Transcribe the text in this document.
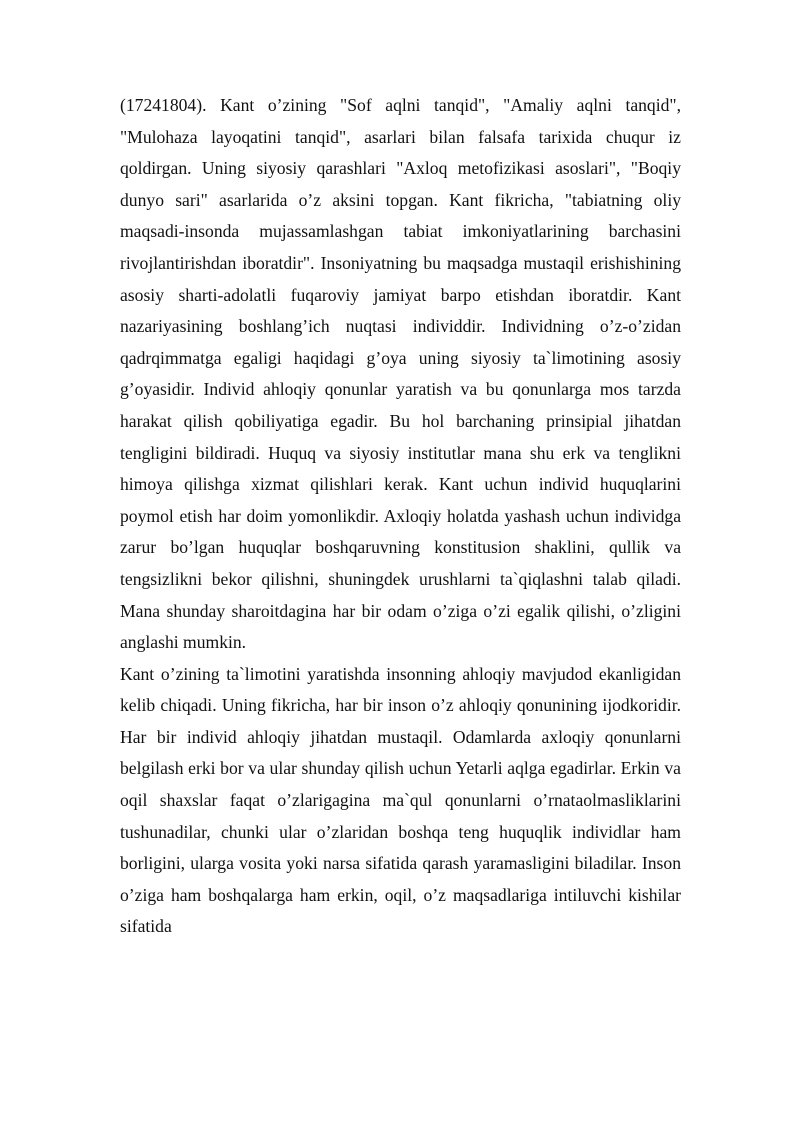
(17241804). Kant o’zining "Sof aqlni tanqid", "Amaliy aqlni tanqid", "Mulohaza layoqatini tanqid", asarlari bilan falsafa tarixida chuqur iz qoldirgan. Uning siyosiy qarashlari "Axloq metofizikasi asoslari", "Boqiy dunyo sari" asarlarida o’z aksini topgan. Kant fikricha, "tabiatning oliy maqsadi-insonda mujassamlashgan tabiat imkoniyatlarining barchasini rivojlantirishdan iboratdir". Insoniyatning bu maqsadga mustaqil erishishining asosiy sharti-adolatli fuqaroviy jamiyat barpo etishdan iboratdir. Kant nazariyasining boshlang’ich nuqtasi individdir. Individning o’z-o’zidan qadrqimmatga egaligi haqidagi g’oya uning siyosiy ta`limotining asosiy g’oyasidir. Individ ahloqiy qonunlar yaratish va bu qonunlarga mos tarzda harakat qilish qobiliyatiga egadir. Bu hol barchaning prinsipial jihatdan tengligini bildiradi. Huquq va siyosiy institutlar mana shu erk va tenglikni himoya qilishga xizmat qilishlari kerak. Kant uchun individ huquqlarini poymol etish har doim yomonlikdir. Axloqiy holatda yashash uchun individga zarur bo’lgan huquqlar boshqaruvning konstitusion shaklini, qullik va tengsizlikni bekor qilishni, shuningdek urushlarni ta`qiqlashni talab qiladi. Mana shunday sharoitdagina har bir odam o’ziga o’zi egalik qilishi, o’zligini anglashi mumkin.

Kant o’zining ta`limotini yaratishda insonning ahloqiy mavjudod ekanligidan kelib chiqadi. Uning fikricha, har bir inson o’z ahloqiy qonunining ijodkoridir. Har bir individ ahloqiy jihatdan mustaqil. Odamlarda axloqiy qonunlarni belgilash erki bor va ular shunday qilish uchun Yetarli aqlga egadirlar. Erkin va oqil shaxslar faqat o’zlarigagina ma`qul qonunlarni o’rnataolmasliklarini tushunadilar, chunki ular o’zlaridan boshqa teng huquqlik individlar ham borligini, ularga vosita yoki narsa sifatida qarash yaramasligini biladilar. Inson o’ziga ham boshqalarga ham erkin, oqil, o’z maqsadlariga intiluvchi kishilar sifatida
